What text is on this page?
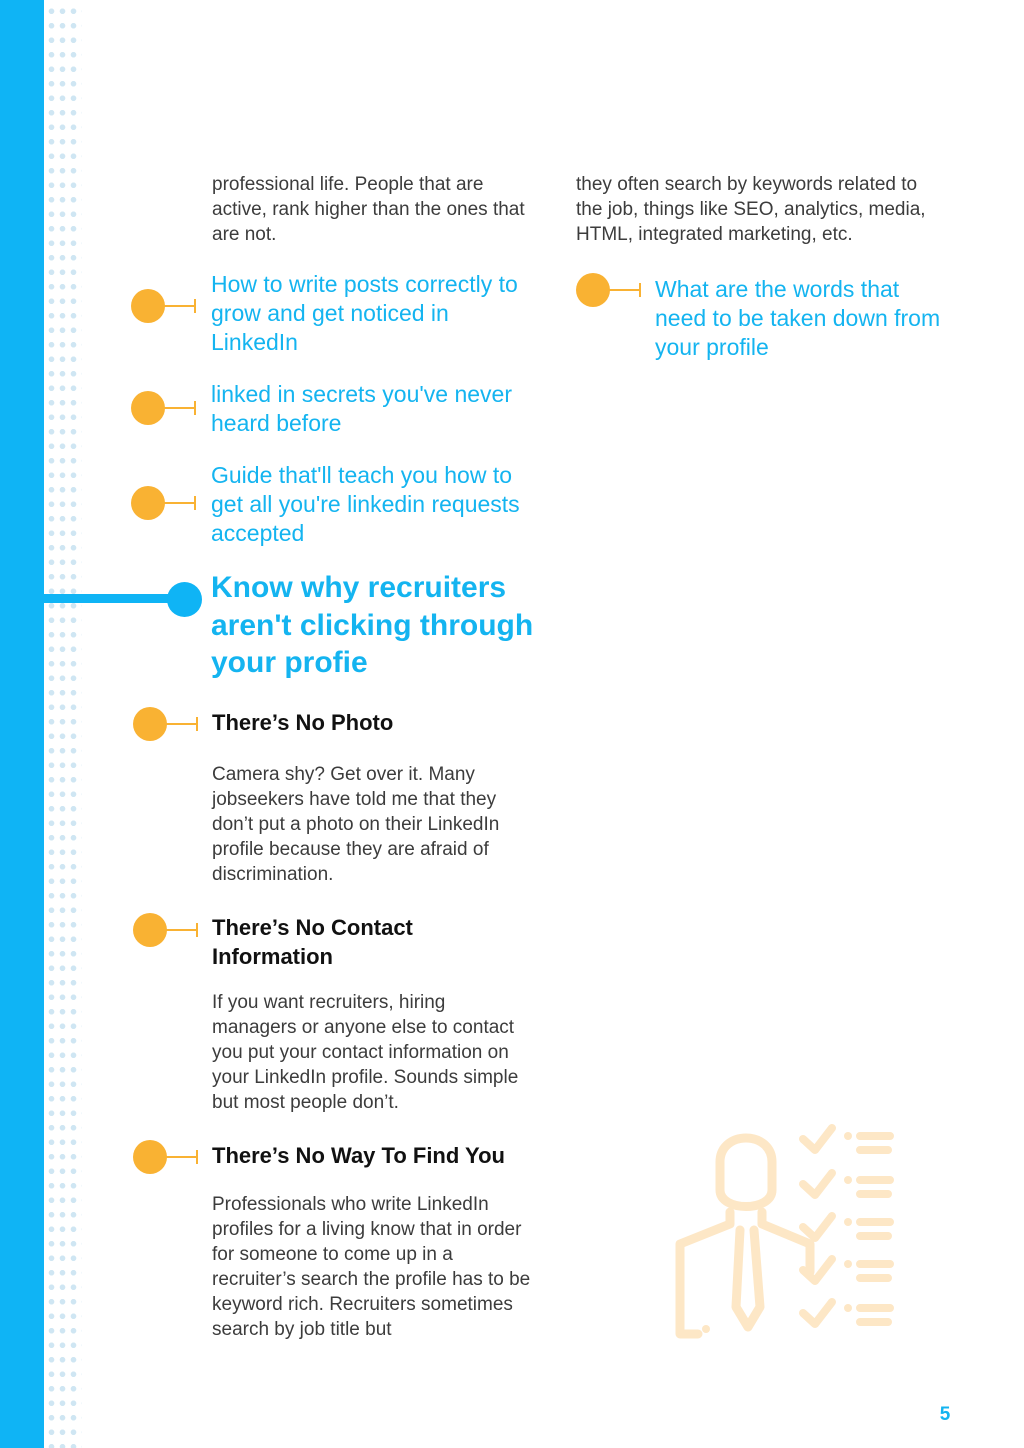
professional life. People that are active, rank higher than the ones that are not.

How to write posts correctly to grow and get noticed in LinkedIn

linked in secrets you've never heard before

Guide that'll teach you how to get all you're linkedin requests accepted

Know why recruiters aren't clicking through your profie
There’s No Photo

Camera shy? Get over it. Many jobseekers have told me that they don’t put a photo on their LinkedIn profile because they are afraid of discrimination.

There’s No Contact Information

If you want recruiters, hiring managers or anyone else to contact you put your contact information on your LinkedIn profile. Sounds simple but most people don’t.

There’s No Way To Find You

Professionals who write LinkedIn profiles for a living know that in order for someone to come up in a recruiter’s search the profile has to be keyword rich. Recruiters sometimes search by job title but

they often search by keywords related to the job, things like SEO, analytics, media, HTML, integrated marketing, etc.

What are the words that need to be taken down from your profile

5
